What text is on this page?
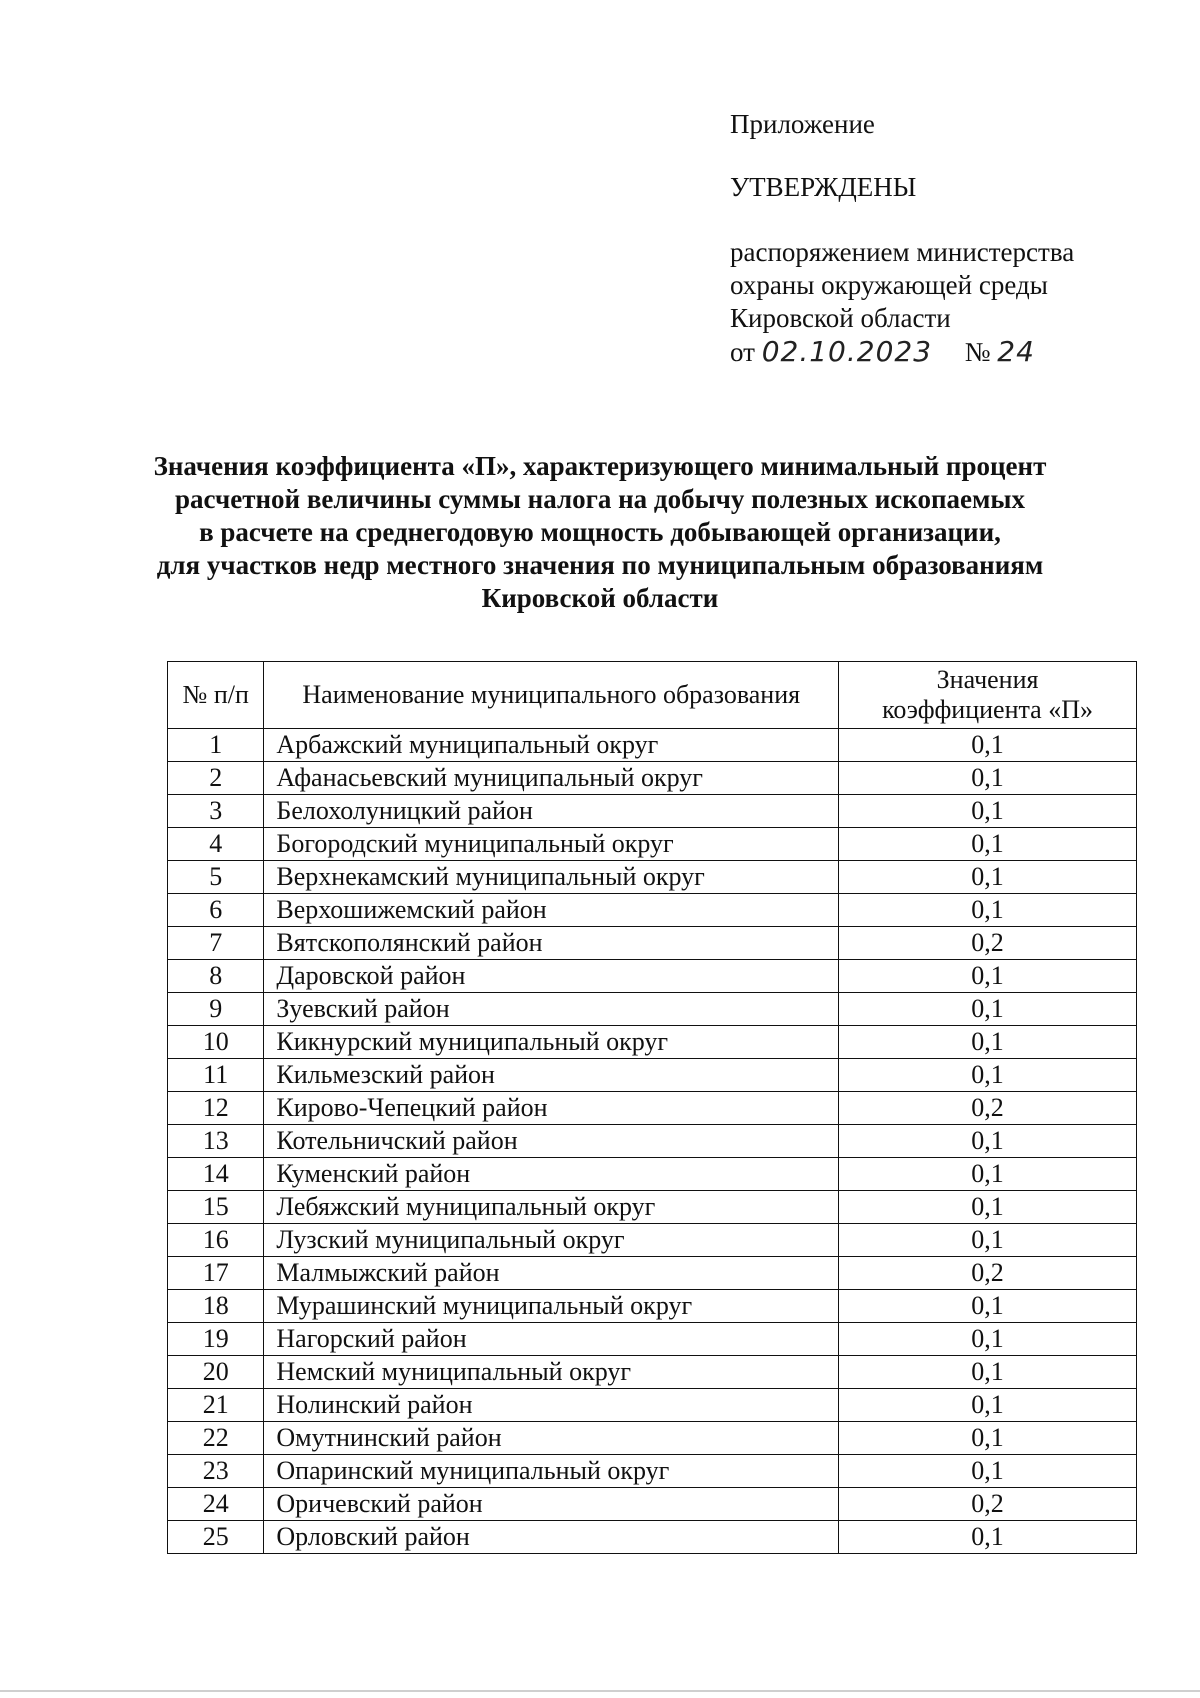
Приложение
УТВЕРЖДЕНЫ
распоряжением министерства
охраны окружающей среды
Кировской области
от 02.10.2023 № 24
Значения коэффициента «П», характеризующего минимальный процент
расчетной величины суммы налога на добычу полезных ископаемых
в расчете на среднегодовую мощность добывающей организации,
для участков недр местного значения по муниципальным образованиям
Кировской области
№ п/п	Наименование муниципального образования	Значения
коэффициента «П»
1	Арбажский муниципальный округ	0,1
2	Афанасьевский муниципальный округ	0,1
3	Белохолуницкий район	0,1
4	Богородский муниципальный округ	0,1
5	Верхнекамский муниципальный округ	0,1
6	Верхошижемский район	0,1
7	Вятскополянский район	0,2
8	Даровской район	0,1
9	Зуевский район	0,1
10	Кикнурский муниципальный округ	0,1
11	Кильмезский район	0,1
12	Кирово-Чепецкий район	0,2
13	Котельничский район	0,1
14	Куменский район	0,1
15	Лебяжский муниципальный округ	0,1
16	Лузский муниципальный округ	0,1
17	Малмыжский район	0,2
18	Мурашинский муниципальный округ	0,1
19	Нагорский район	0,1
20	Немский муниципальный округ	0,1
21	Нолинский район	0,1
22	Омутнинский район	0,1
23	Опаринский муниципальный округ	0,1
24	Оричевский район	0,2
25	Орловский район	0,1
